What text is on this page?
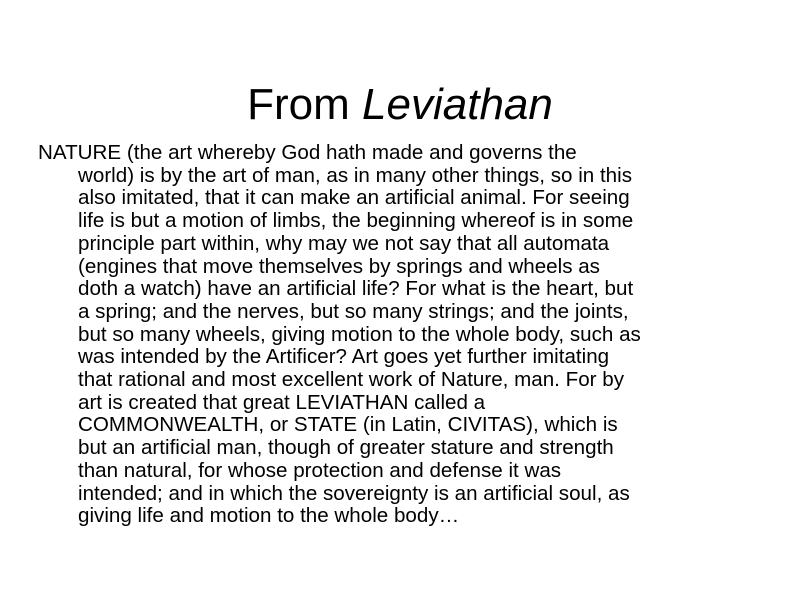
From Leviathan
NATURE (the art whereby God hath made and governs the
world) is by the art of man, as in many other things, so in this
also imitated, that it can make an artificial animal. For seeing
life is but a motion of limbs, the beginning whereof is in some
principle part within, why may we not say that all automata
(engines that move themselves by springs and wheels as
doth a watch) have an artificial life? For what is the heart, but
a spring; and the nerves, but so many strings; and the joints,
but so many wheels, giving motion to the whole body, such as
was intended by the Artificer? Art goes yet further imitating
that rational and most excellent work of Nature, man. For by
art is created that great LEVIATHAN called a
COMMONWEALTH, or STATE (in Latin, CIVITAS), which is
but an artificial man, though of greater stature and strength
than natural, for whose protection and defense it was
intended; and in which the sovereignty is an artificial soul, as
giving life and motion to the whole body…
